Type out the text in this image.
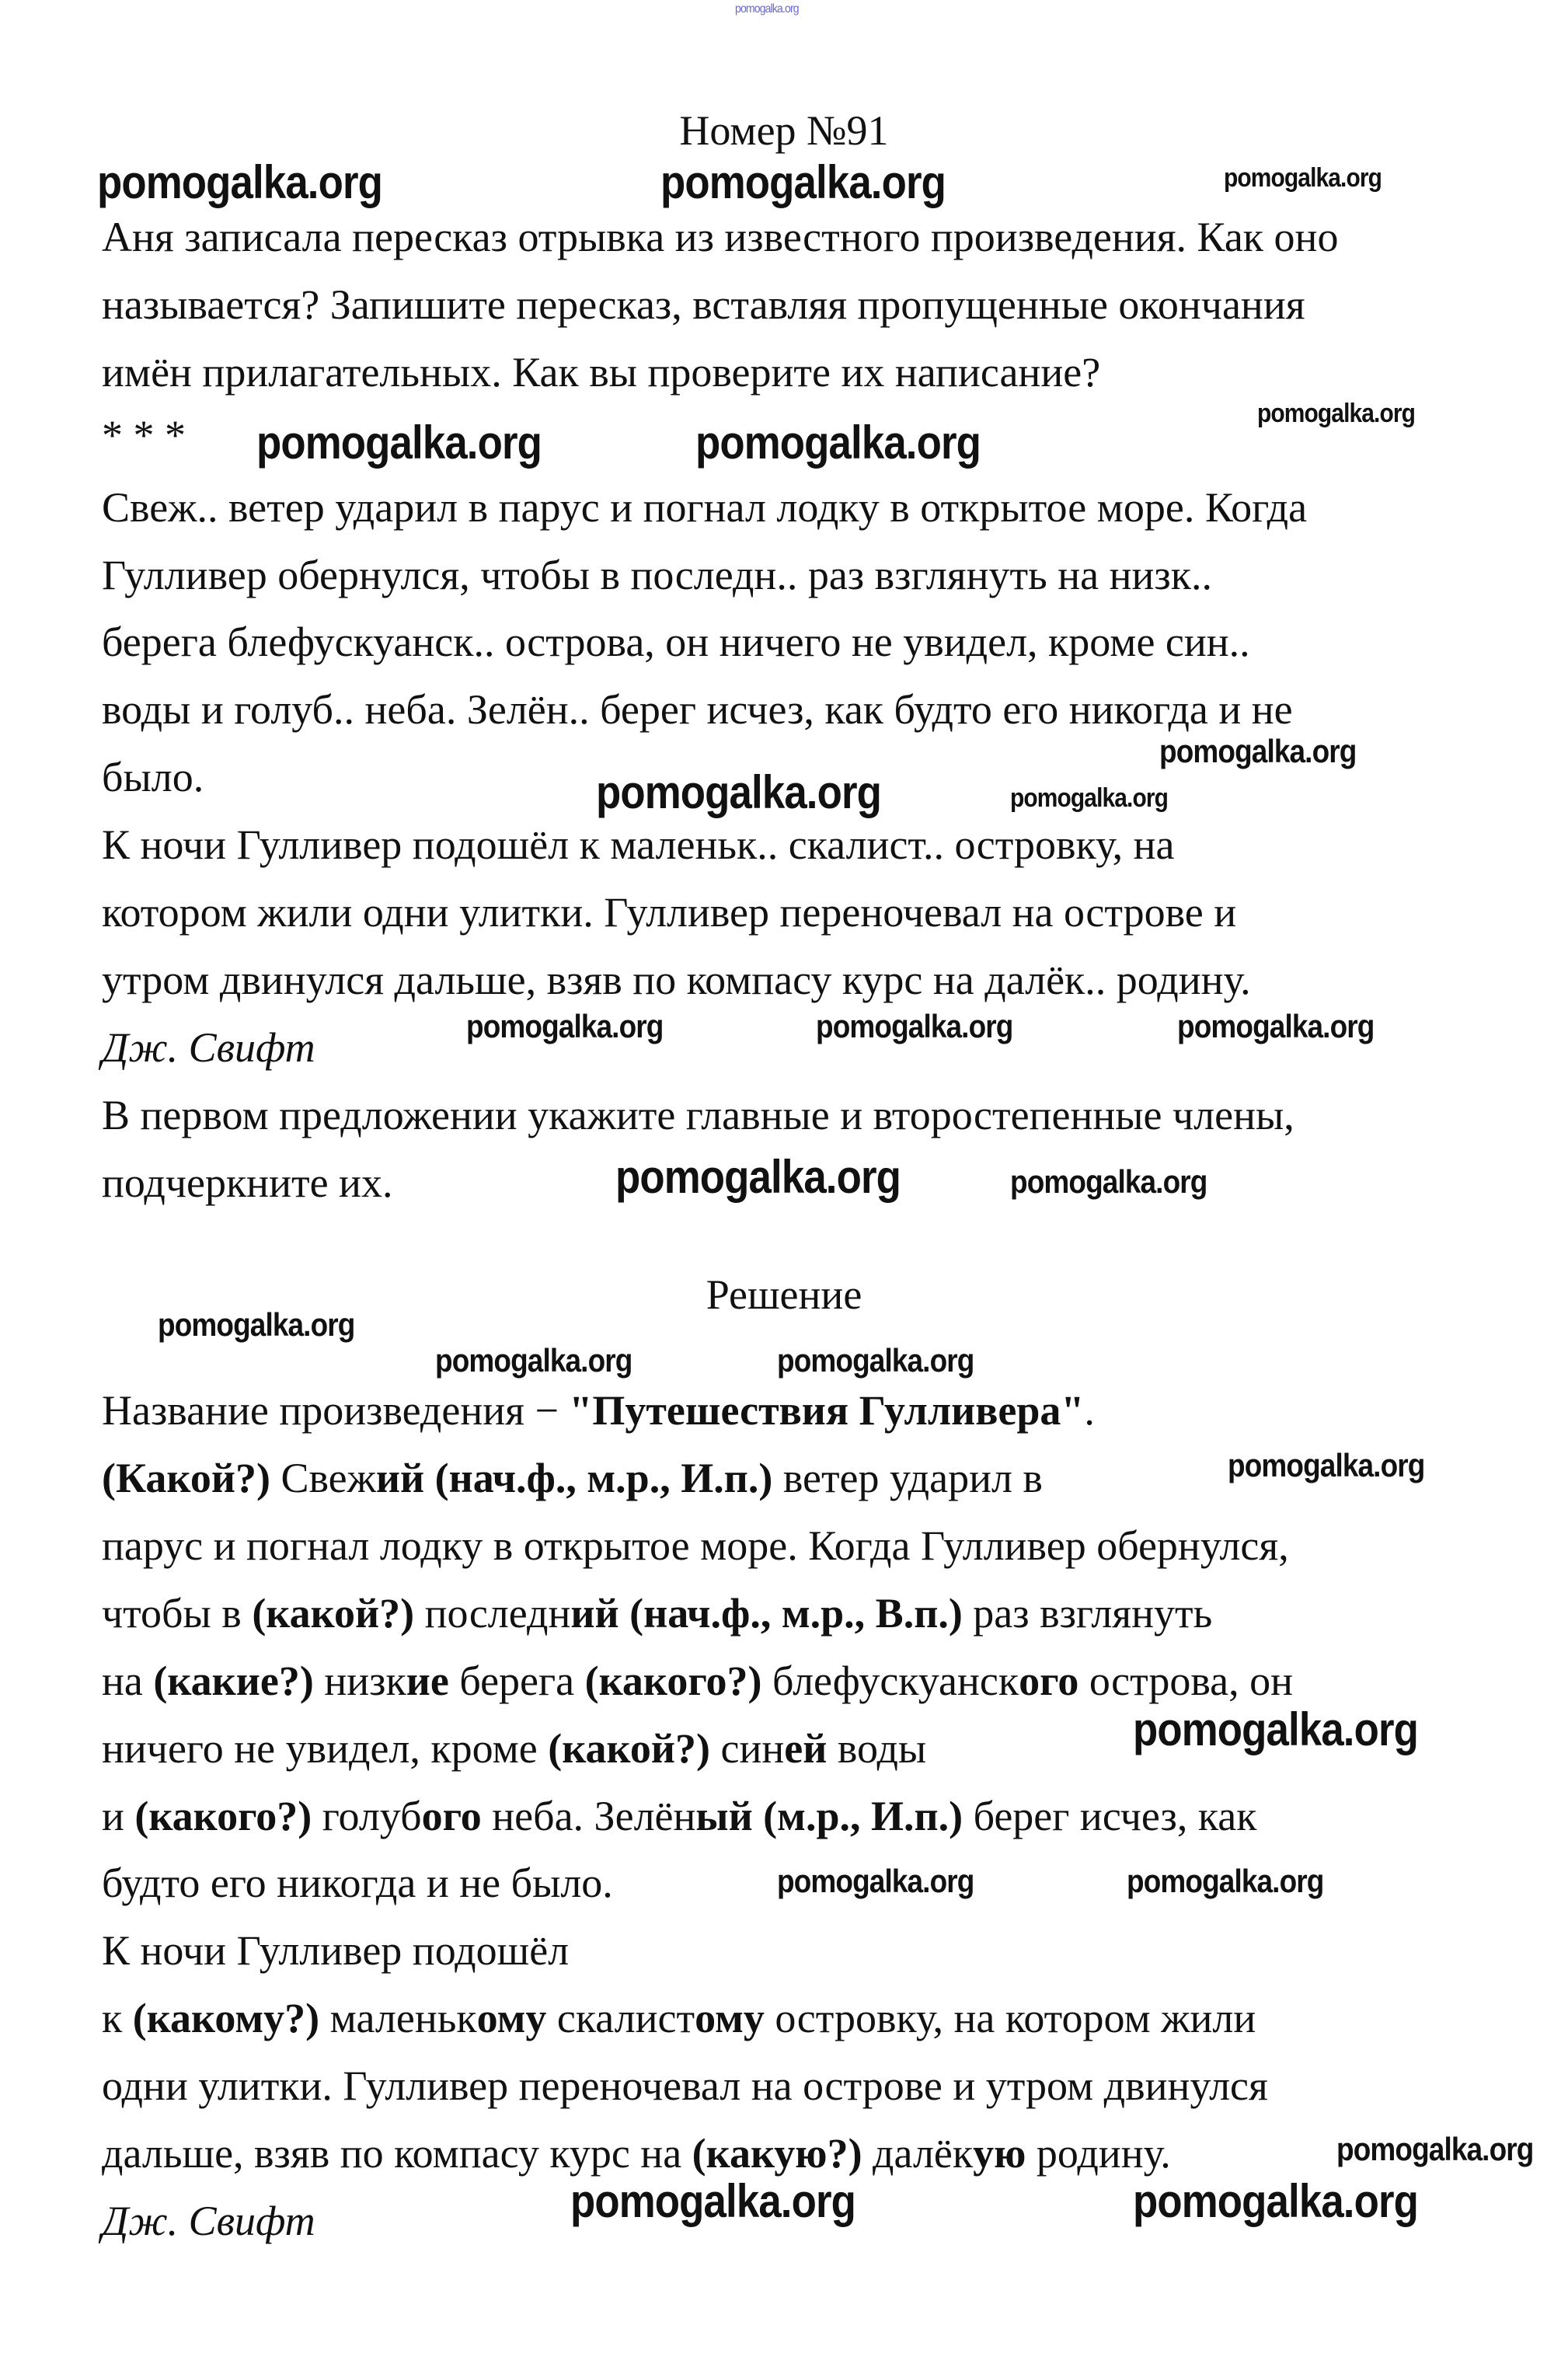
Номер №91
Дж. Свифт
Решение
Дж. Свифт
Аня записала пересказ отрывка из известного произведения. Как оно
называется? Запишите пересказ, вставляя пропущенные окончания
имён прилагательных. Как вы проверите их написание?
* * *
Свеж.. ветер ударил в парус и погнал лодку в открытое море. Когда
Гулливер обернулся, чтобы в последн.. раз взглянуть на низк..
берега блефускуанск.. острова, он ничего не увидел, кроме син..
воды и голуб.. неба. Зелён.. берег исчез, как будто его никогда и не
было.
К ночи Гулливер подошёл к маленьк.. скалист.. островку, на
котором жили одни улитки. Гулливер переночевал на острове и
утром двинулся дальше, взяв по компасу курс на далёк.. родину.
В первом предложении укажите главные и второстепенные члены,
подчеркните их.
Название произведения − "Путешествия Гулливера".
(Какой?) Свежий (нач.ф., м.р., И.п.) ветер ударил в
парус и погнал лодку в открытое море. Когда Гулливер обернулся,
чтобы в (какой?) последний (нач.ф., м.р., В.п.) раз взглянуть
на (какие?) низкие берега (какого?) блефускуанского острова, он
ничего не увидел, кроме (какой?) синей воды
и (какого?) голубого неба. Зелёный (м.р., И.п.) берег исчез, как
будто его никогда и не было.
К ночи Гулливер подошёл
к (какому?) маленькому скалистому островку, на котором жили
одни улитки. Гулливер переночевал на острове и утром двинулся
дальше, взяв по компасу курс на (какую?) далёкую родину.
pomogalka.org
pomogalka.org	pomogalka.org	pomogalka.org
pomogalka.org
pomogalka.org	pomogalka.org
pomogalka.org
pomogalka.org
pomogalka.org
pomogalka.org	pomogalka.org
pomogalka.org
pomogalka.org
pomogalka.org
pomogalka.org
pomogalka.org
pomogalka.org	pomogalka.org
pomogalka.org
pomogalka.org	pomogalka.org
pomogalka.org
pomogalka.org	pomogalka.org
